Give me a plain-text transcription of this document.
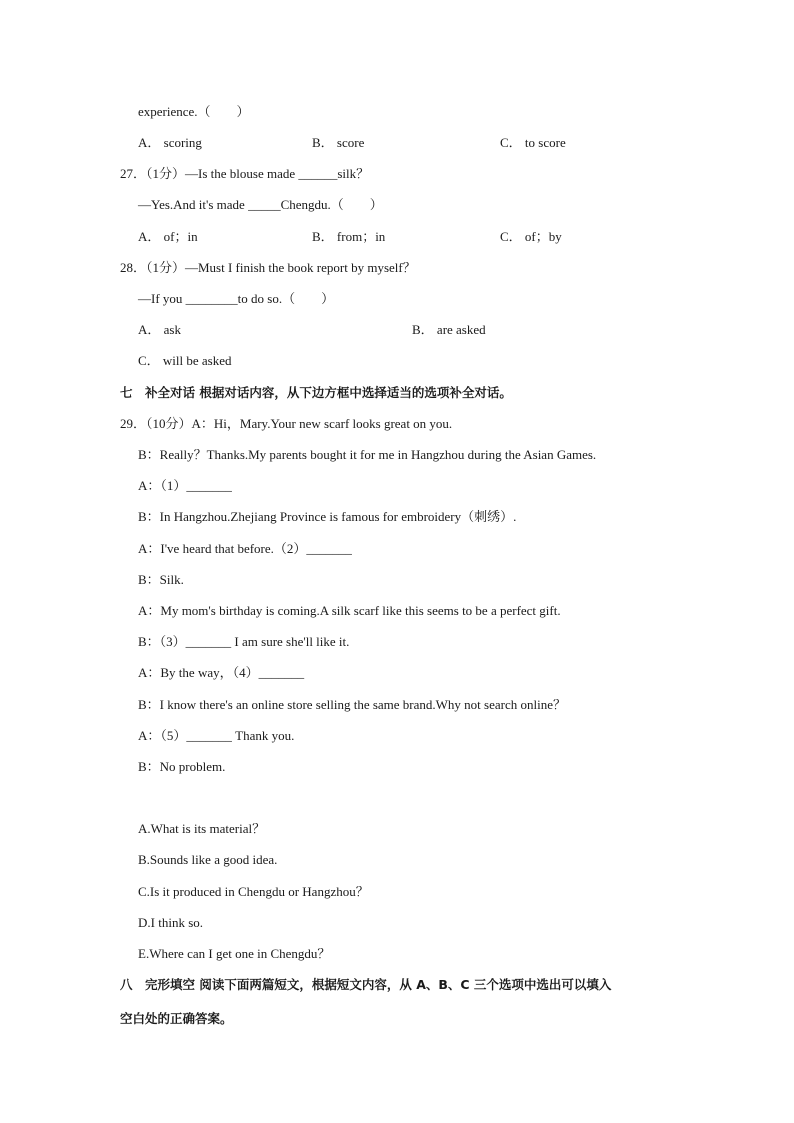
experience.（　　）
A． scoring	B． score	C． to score
27．（1分）—Is the blouse made ______silk？
—Yes.And it's made _____Chengdu.（　　）
A． of；in	B． from；in	C． of；by
28．（1分）—Must I finish the book report by myself？
—If you ________to do so.（　　）
A． ask	B． are asked
C． will be asked
七　补全对话 根据对话内容，从下边方框中选择适当的选项补全对话。
29．（10分）A：Hi，Mary.Your new scarf looks great on you.
B：Really？Thanks.My parents bought it for me in Hangzhou during the Asian Games.
A：（1）_______
B：In Hangzhou.Zhejiang Province is famous for embroidery（刺绣）.
A：I've heard that before.（2）_______
B：Silk.
A：My mom's birthday is coming.A silk scarf like this seems to be a perfect gift.
B：（3）_______ I am sure she'll like it.
A：By the way，（4）_______
B：I know there's an online store selling the same brand.Why not search online？
A：（5）_______ Thank you.
B：No problem.
A.What is its material？
B.Sounds like a good idea.
C.Is it produced in Chengdu or Hangzhou？
D.I think so.
E.Where can I get one in Chengdu？
八　完形填空 阅读下面两篇短文，根据短文内容，从 A、B、C 三个选项中选出可以填入
空白处的正确答案。
